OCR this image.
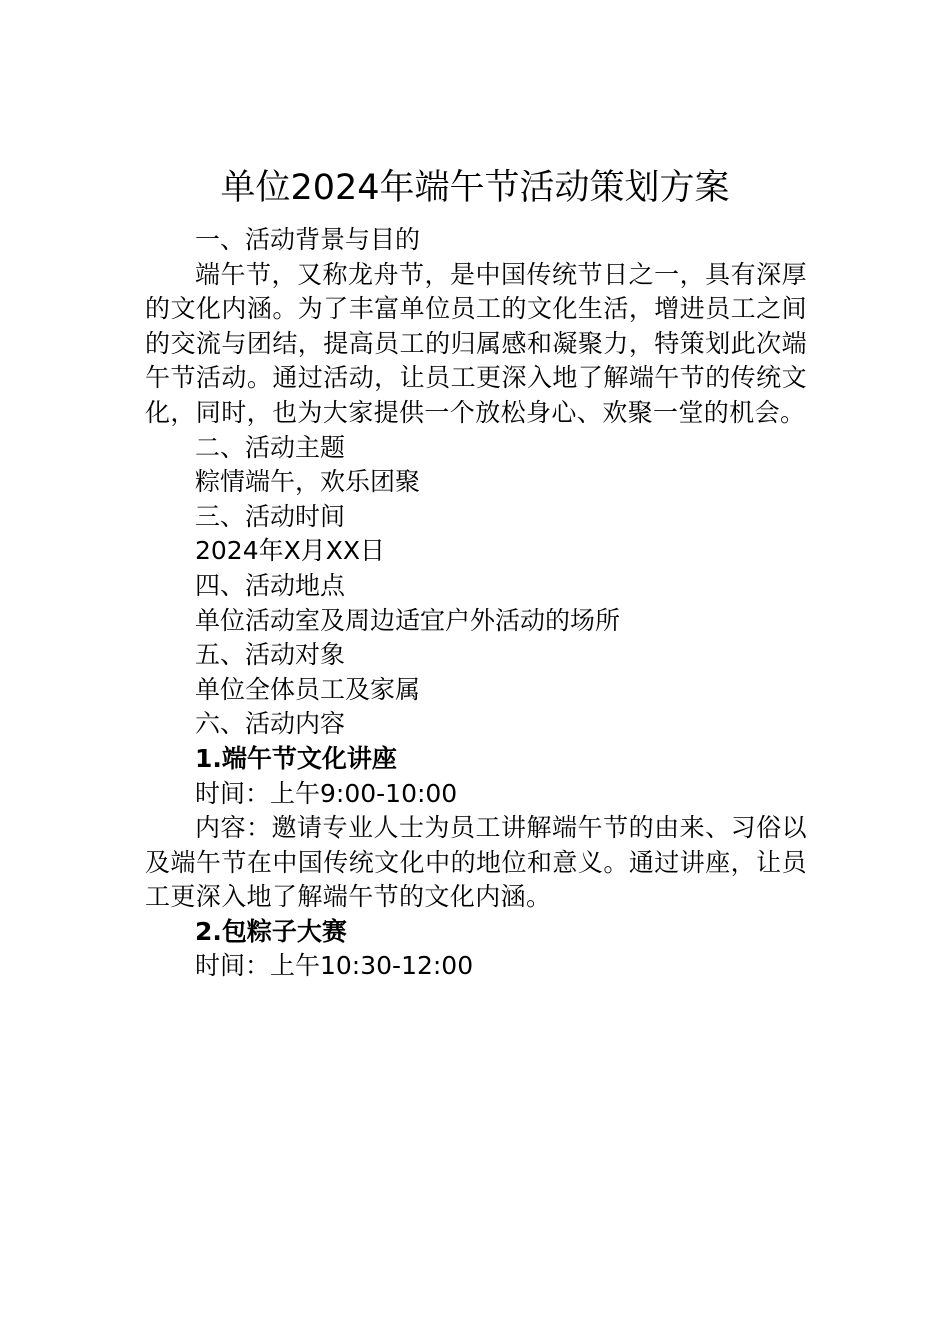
单位2024年端午节活动策划方案

一、活动背景与目的

端午节，又称龙舟节，是中国传统节日之一，具有深厚的文化内涵。为了丰富单位员工的文化生活，增进员工之间的交流与团结，提高员工的归属感和凝聚力，特策划此次端午节活动。通过活动，让员工更深入地了解端午节的传统文化，同时，也为大家提供一个放松身心、欢聚一堂的机会。

二、活动主题

粽情端午，欢乐团聚

三、活动时间

2024年X月XX日

四、活动地点

单位活动室及周边适宜户外活动的场所

五、活动对象

单位全体员工及家属

六、活动内容

1.端午节文化讲座

时间：上午9:00-10:00

内容：邀请专业人士为员工讲解端午节的由来、习俗以及端午节在中国传统文化中的地位和意义。通过讲座，让员工更深入地了解端午节的文化内涵。

2.包粽子大赛

时间：上午10:30-12:00
